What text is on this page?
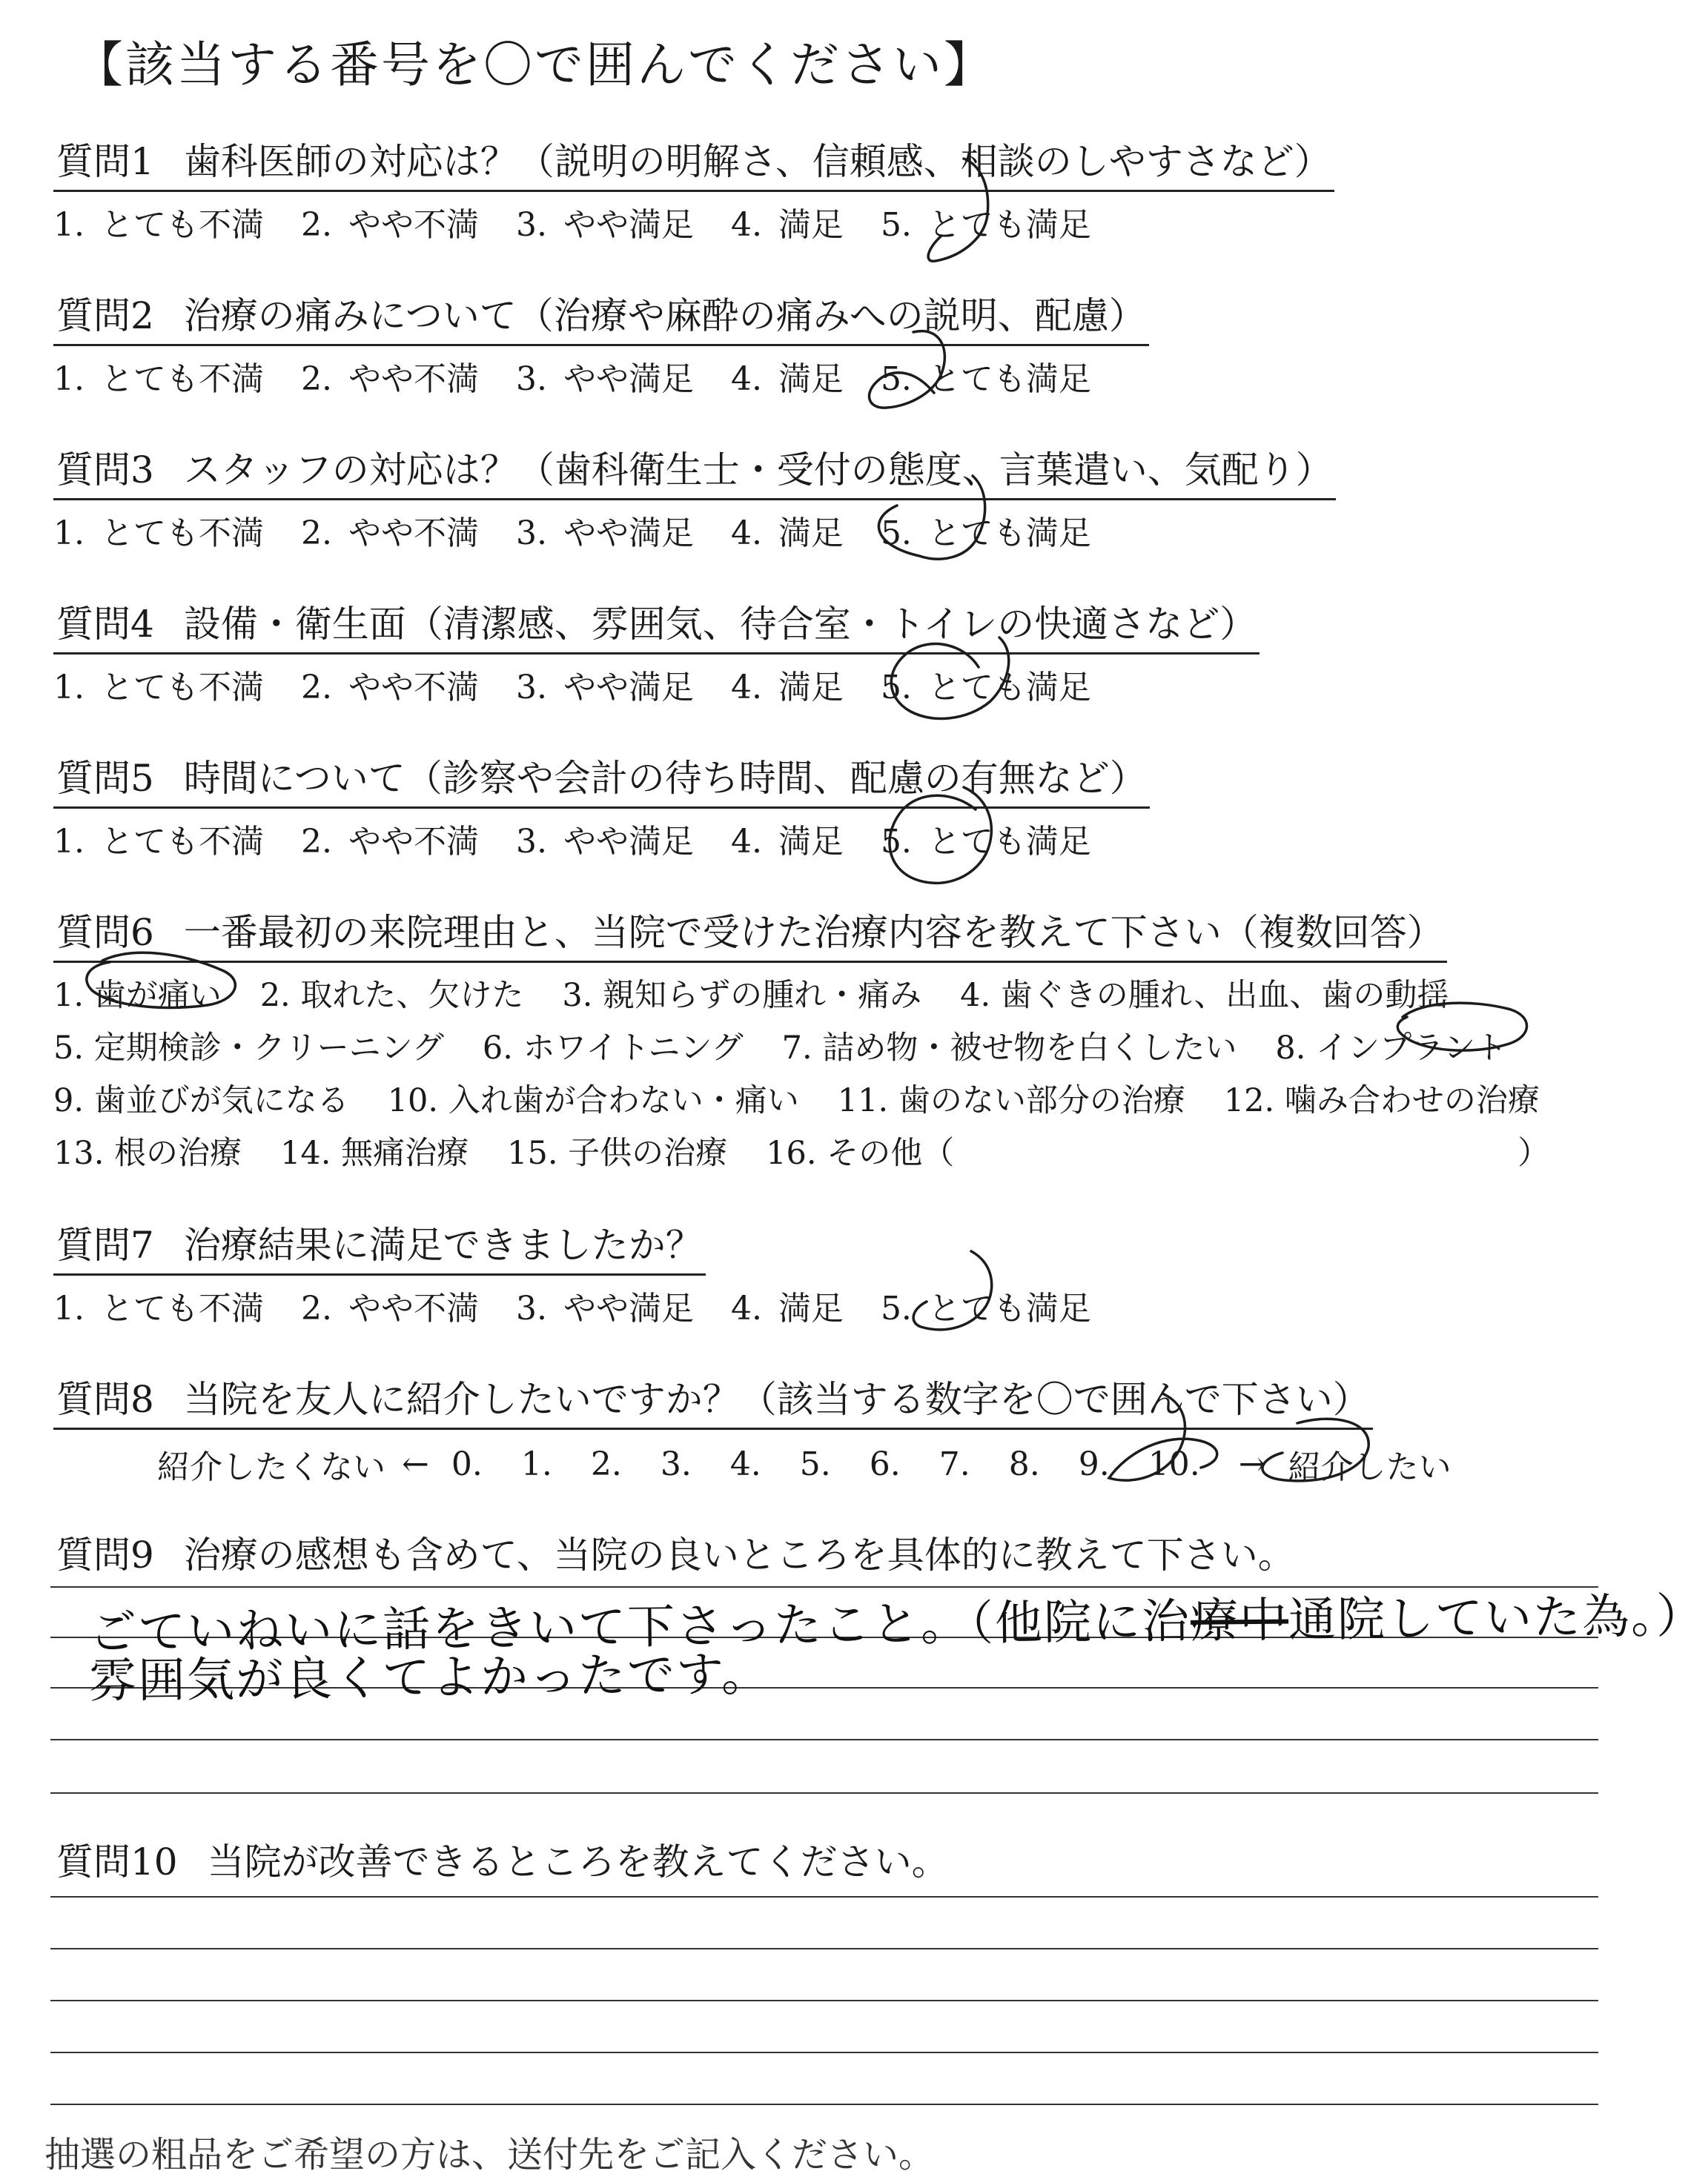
【該当する番号を〇で囲んでください】
質問1 歯科医師の対応は？（説明の明解さ、信頼感、相談のしやすさなど）
1. とても不満 2. やや不満 3. やや満足 4. 満足 5. とても満足
質問2 治療の痛みについて（治療や麻酔の痛みへの説明、配慮）
1. とても不満 2. やや不満 3. やや満足 4. 満足 5. とても満足
質問3 スタッフの対応は？（歯科衛生士・受付の態度、言葉遣い、気配り）
1. とても不満 2. やや不満 3. やや満足 4. 満足 5. とても満足
質問4 設備・衛生面（清潔感、雰囲気、待合室・トイレの快適さなど）
1. とても不満 2. やや不満 3. やや満足 4. 満足 5. とても満足
質問5 時間について（診察や会計の待ち時間、配慮の有無など）
1. とても不満 2. やや不満 3. やや満足 4. 満足 5. とても満足
質問6 一番最初の来院理由と、当院で受けた治療内容を教えて下さい（複数回答）
1. 歯が痛い 2. 取れた、欠けた 3. 親知らずの腫れ・痛み 4. 歯ぐきの腫れ、出血、歯の動揺
5. 定期検診・クリーニング 6. ホワイトニング 7. 詰め物・被せ物を白くしたい 8. インプラント
9. 歯並びが気になる 10. 入れ歯が合わない・痛い 11. 歯のない部分の治療 12. 噛み合わせの治療
13. 根の治療 14. 無痛治療 15. 子供の治療 16. その他（	）
質問7 治療結果に満足できましたか？
1. とても不満 2. やや不満 3. やや満足 4. 満足 5. とても満足
質問8 当院を友人に紹介したいですか？（該当する数字を〇で囲んで下さい）
紹介したくない ← 0. 1. 2. 3. 4. 5. 6. 7. 8. 9. 10. → 紹介したい
質問9 治療の感想も含めて、当院の良いところを具体的に教えて下さい。
ごていねいに話をきいて下さったこと。（他院に治療中通院していた為。）
雰囲気が良くてよかったです。
質問10 当院が改善できるところを教えてください。
抽選の粗品をご希望の方は、送付先をご記入ください。
